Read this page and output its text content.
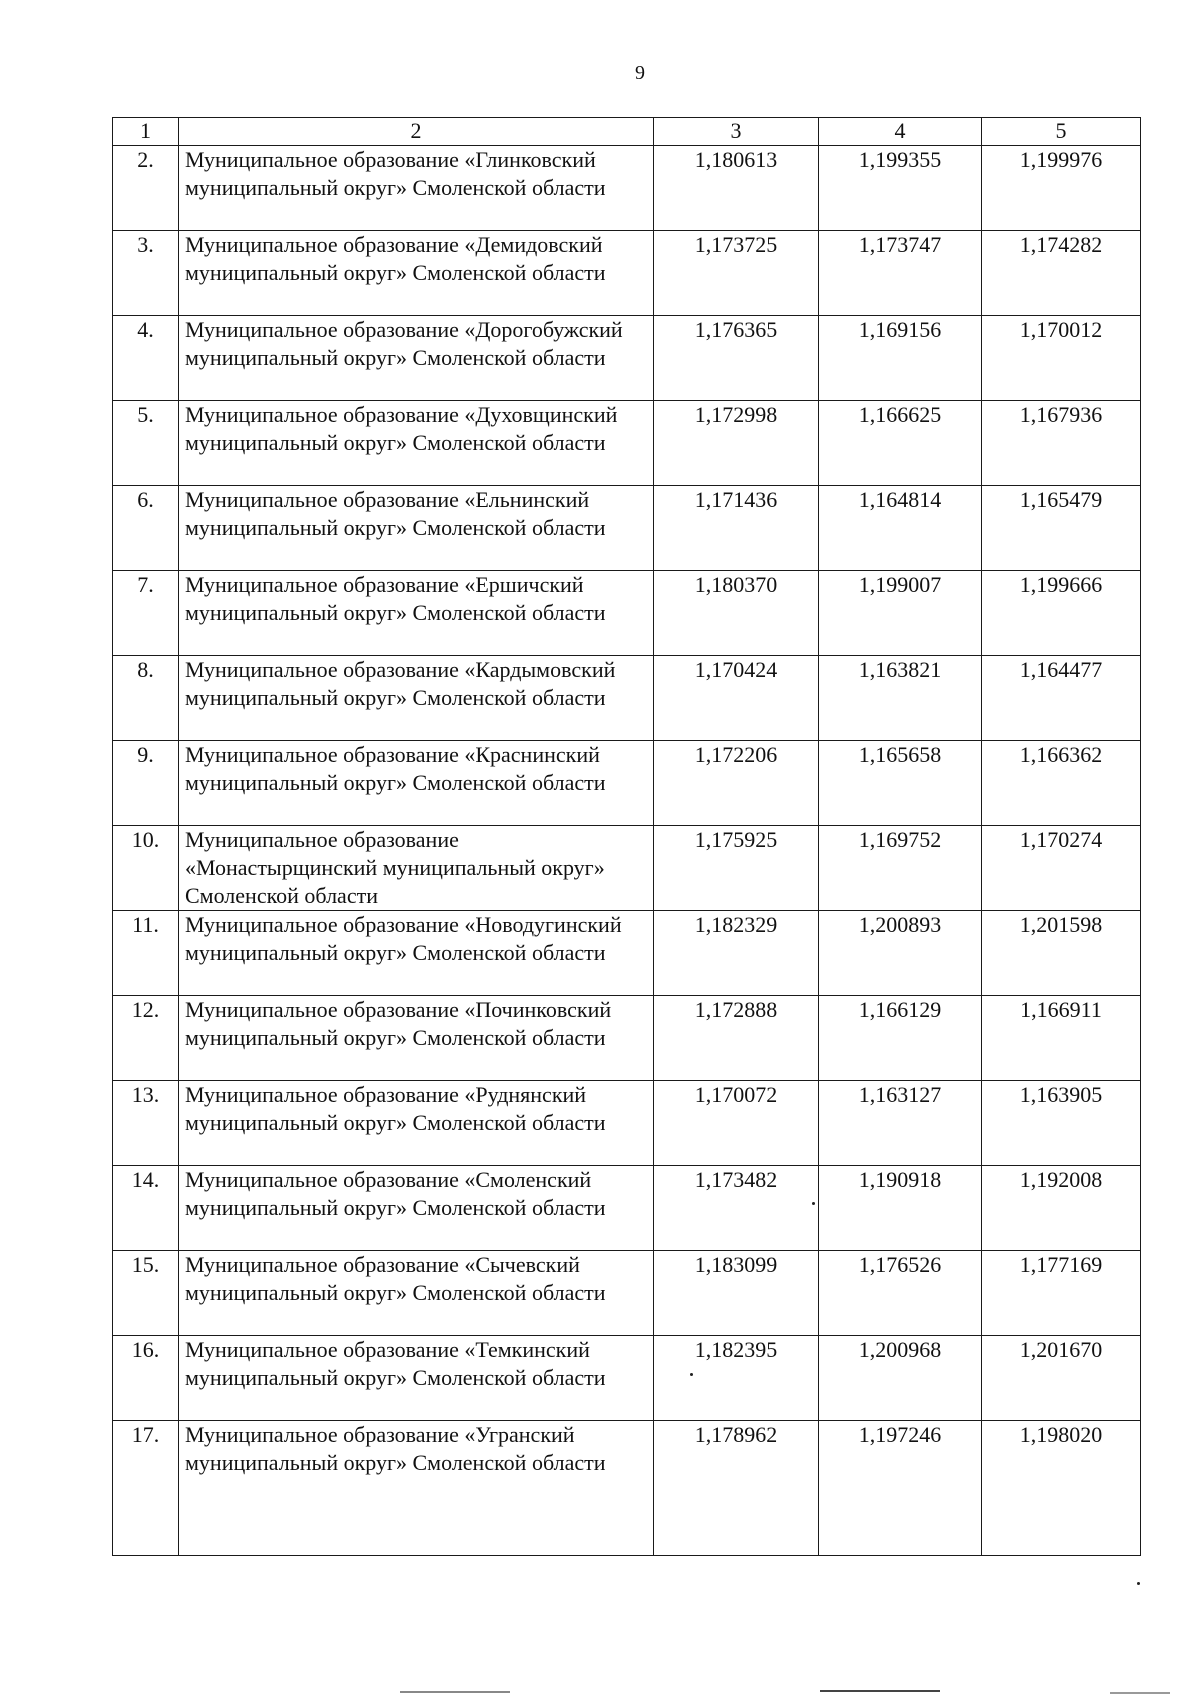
9
1	2	3	4	5
2.	Муниципальное образование «Глинковский муниципальный округ» Смоленской области	1,180613	1,199355	1,199976
3.	Муниципальное образование «Демидовский муниципальный округ» Смоленской области	1,173725	1,173747	1,174282
4.	Муниципальное образование «Дорогобужский муниципальный округ» Смоленской области	1,176365	1,169156	1,170012
5.	Муниципальное образование «Духовщинский муниципальный округ» Смоленской области	1,172998	1,166625	1,167936
6.	Муниципальное образование «Ельнинский муниципальный округ» Смоленской области	1,171436	1,164814	1,165479
7.	Муниципальное образование «Ершичский муниципальный округ» Смоленской области	1,180370	1,199007	1,199666
8.	Муниципальное образование «Кардымовский муниципальный округ» Смоленской области	1,170424	1,163821	1,164477
9.	Муниципальное образование «Краснинский муниципальный округ» Смоленской области	1,172206	1,165658	1,166362
10.	Муниципальное образование «Монастырщинский муниципальный округ» Смоленской области	1,175925	1,169752	1,170274
11.	Муниципальное образование «Новодугинский муниципальный округ» Смоленской области	1,182329	1,200893	1,201598
12.	Муниципальное образование «Починковский муниципальный округ» Смоленской области	1,172888	1,166129	1,166911
13.	Муниципальное образование «Руднянский муниципальный округ» Смоленской области	1,170072	1,163127	1,163905
14.	Муниципальное образование «Смоленский муниципальный округ» Смоленской области	1,173482	1,190918	1,192008
15.	Муниципальное образование «Сычевский муниципальный округ» Смоленской области	1,183099	1,176526	1,177169
16.	Муниципальное образование «Темкинский муниципальный округ» Смоленской области	1,182395	1,200968	1,201670
17.	Муниципальное образование «Угранский муниципальный округ» Смоленской области	1,178962	1,197246	1,198020
